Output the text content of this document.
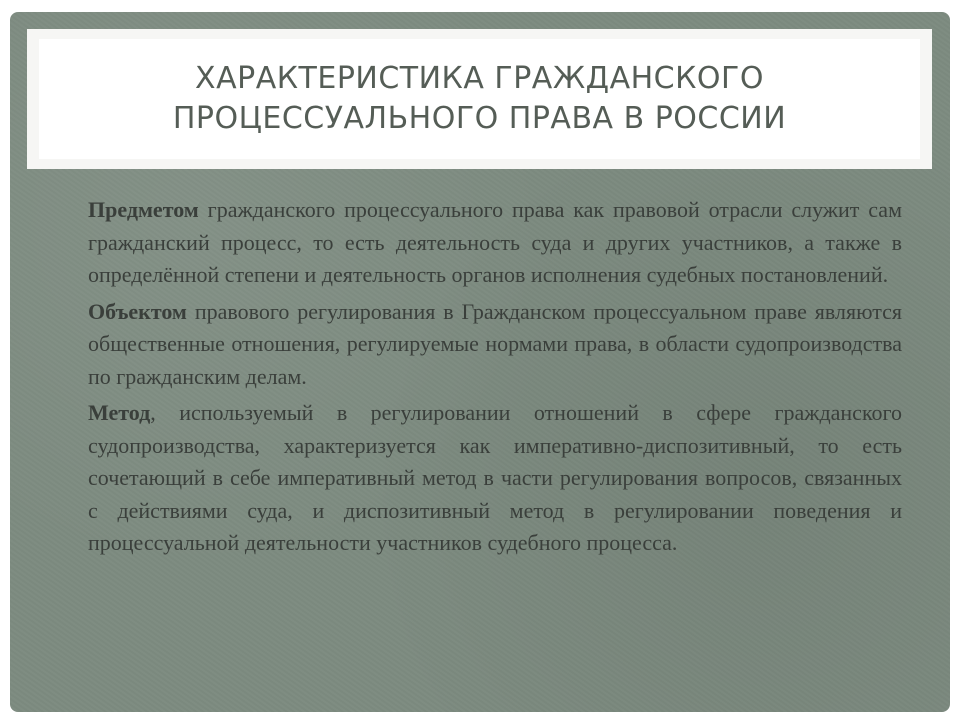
ХАРАКТЕРИСТИКА ГРАЖДАНСКОГО ПРОЦЕССУАЛЬНОГО ПРАВА В РОССИИ

Предметом гражданского процессуального права как правовой отрасли служит сам гражданский процесс, то есть деятельность суда и других участников, а также в определённой степени и деятельность органов исполнения судебных постановлений.

Объектом правового регулирования в Гражданском процессуальном праве являются общественные отношения, регулируемые нормами права, в области судопроизводства по гражданским делам.

Метод, используемый в регулировании отношений в сфере гражданского судопроизводства, характеризуется как императивно-диспозитивный, то есть сочетающий в себе императивный метод в части регулирования вопросов, связанных с действиями суда, и диспозитивный метод в регулировании поведения и процессуальной деятельности участников судебного процесса.
